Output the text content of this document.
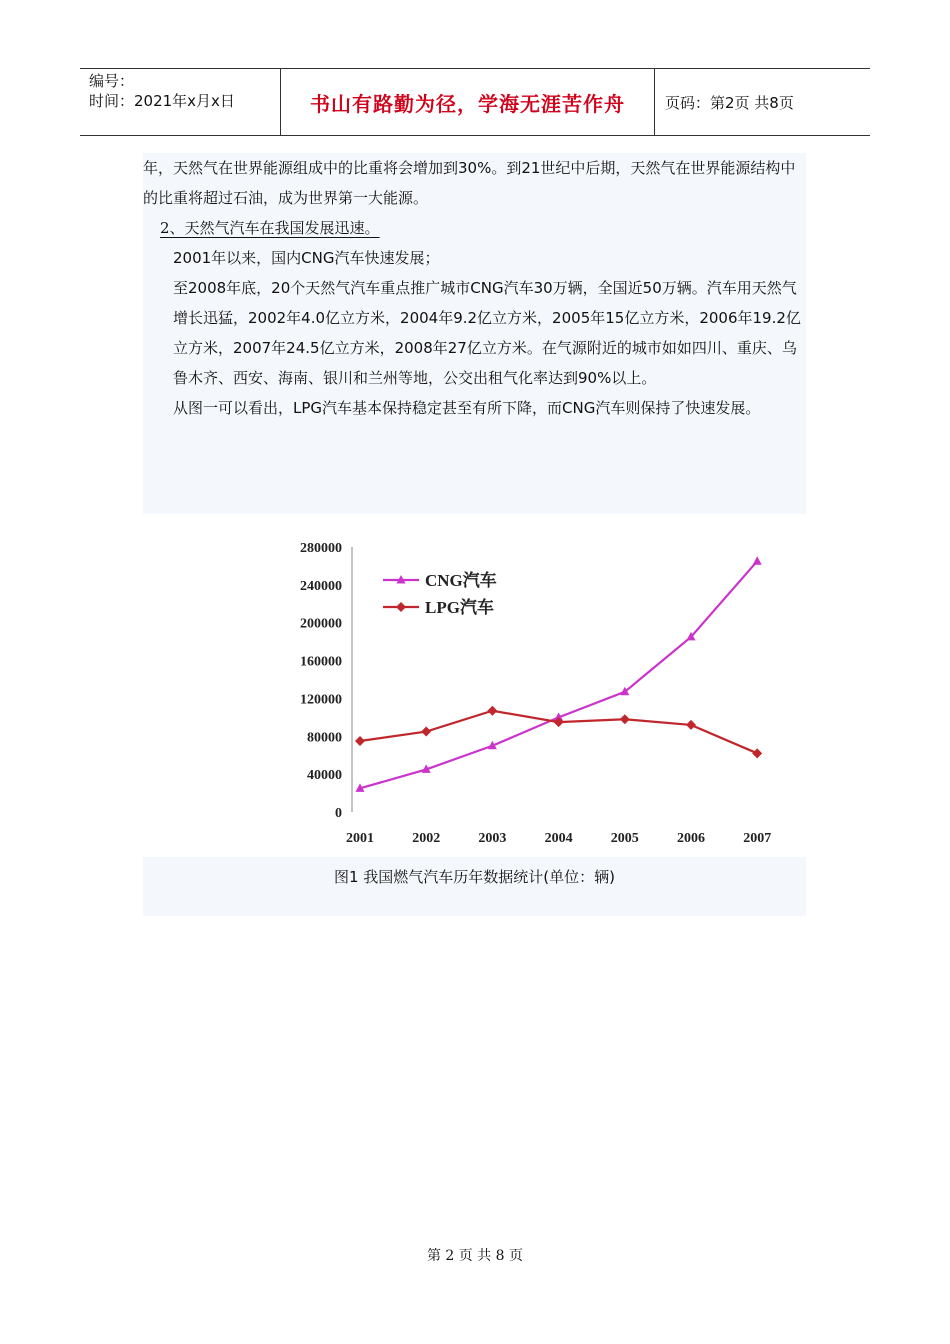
编号：
时间：2021年x月x日	书山有路勤为径，学海无涯苦作舟	页码：第2页 共8页

年，天然气在世界能源组成中的比重将会增加到30%。到21世纪中后期，天然气在世界能源结构中的比重将超过石油，成为世界第一大能源。

2、天然气汽车在我国发展迅速。

2001年以来，国内CNG汽车快速发展；

至2008年底，20个天然气汽车重点推广城市CNG汽车30万辆，全国近50万辆。汽车用天然气增长迅猛，2002年4.0亿立方米，2004年9.2亿立方米，2005年15亿立方米，2006年19.2亿立方米，2007年24.5亿立方米，2008年27亿立方米。在气源附近的城市如如四川、重庆、乌鲁木齐、西安、海南、银川和兰州等地，公交出租气化率达到90%以上。

从图一可以看出，LPG汽车基本保持稳定甚至有所下降，而CNG汽车则保持了快速发展。

0
40000
80000
120000
160000
200000
240000
280000
2001	2002	2003	2004	2005	2006	2007
CNG汽车
LPG汽车
图1 我国燃气汽车历年数据统计(单位：辆)
第 2 页 共 8 页
